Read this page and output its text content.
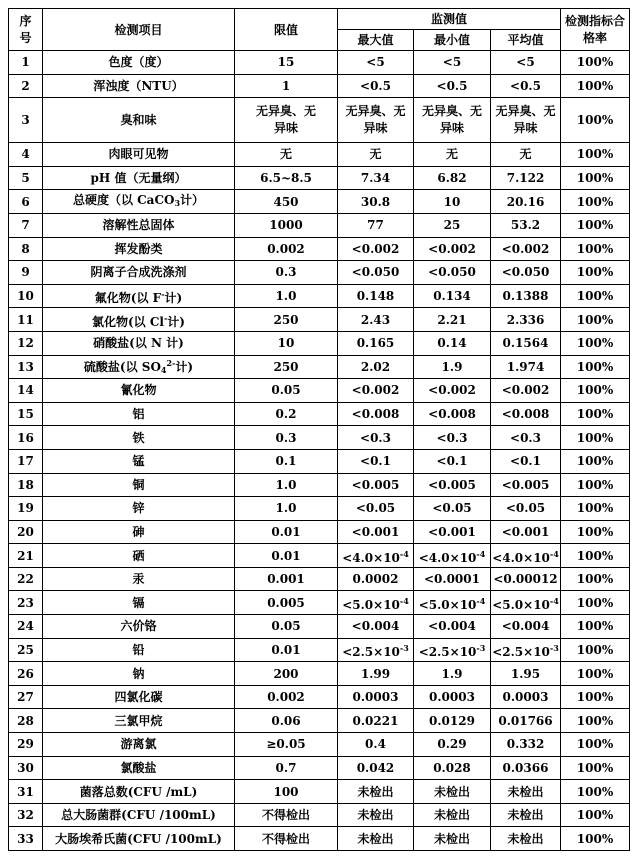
序号	检测项目	限值	监测值			检测指标合格率
			最大值	最小值	平均值	
1	色度（度）	15	<5	<5	<5	100%
2	浑浊度（NTU）	1	<0.5	<0.5	<0.5	100%
3	臭和味	无异臭、无异味	无异臭、无异味	无异臭、无异味	无异臭、无异味	100%
4	肉眼可见物	无	无	无	无	100%
5	pH 值（无量纲）	6.5~8.5	7.34	6.82	7.122	100%
6	总硬度（以 CaCO$_3$计）	450	30.8	10	20.16	100%
7	溶解性总固体	1000	77	25	53.2	100%
8	挥发酚类	0.002	<0.002	<0.002	<0.002	100%
9	阴离子合成洗涤剂	0.3	<0.050	<0.050	<0.050	100%
10	氟化物(以 F-计)	1.0	0.148	0.134	0.1388	100%
11	氯化物(以 Cl-计)	250	2.43	2.21	2.336	100%
12	硝酸盐(以 N 计)	10	0.165	0.14	0.1564	100%
13	硫酸盐(以 $SO_4^{2-}$计)	250	2.02	1.9	1.974	100%
14	氰化物	0.05	<0.002	<0.002	<0.002	100%
15	铝	0.2	<0.008	<0.008	<0.008	100%
16	铁	0.3	<0.3	<0.3	<0.3	100%
17	锰	0.1	<0.1	<0.1	<0.1	100%
18	铜	1.0	<0.005	<0.005	<0.005	100%
19	锌	1.0	<0.05	<0.05	<0.05	100%
20	砷	0.01	<0.001	<0.001	<0.001	100%
21	硒	0.01	$<4.0\times 10^{-4}$	$<4.0\times 10^{-4}$	$<4.0\times 10^{-4}$	100%
22	汞	0.001	0.0002	<0.0001	<0.00012	100%
23	镉	0.005	$<5.0\times 10^{-4}$	$<5.0\times 10^{-4}$	$<5.0\times 10^{-4}$	100%
24	六价铬	0.05	<0.004	<0.004	<0.004	100%
25	铅	0.01	$<2.5\times 10^{-3}$	$<2.5\times 10^{-3}$	$<2.5\times 10^{-3}$	100%
26	钠	200	1.99	1.9	1.95	100%
27	四氯化碳	0.002	0.0003	0.0003	0.0003	100%
28	三氯甲烷	0.06	0.0221	0.0129	0.01766	100%
29	游离氯	≥0.05	0.4	0.29	0.332	100%
30	氯酸盐	0.7	0.042	0.028	0.0366	100%
31	菌落总数(CFU /mL)	100	未检出	未检出	未检出	100%
32	总大肠菌群(CFU /100mL)	不得检出	未检出	未检出	未检出	100%
33	大肠埃希氏菌(CFU /100mL)	不得检出	未检出	未检出	未检出	100%
